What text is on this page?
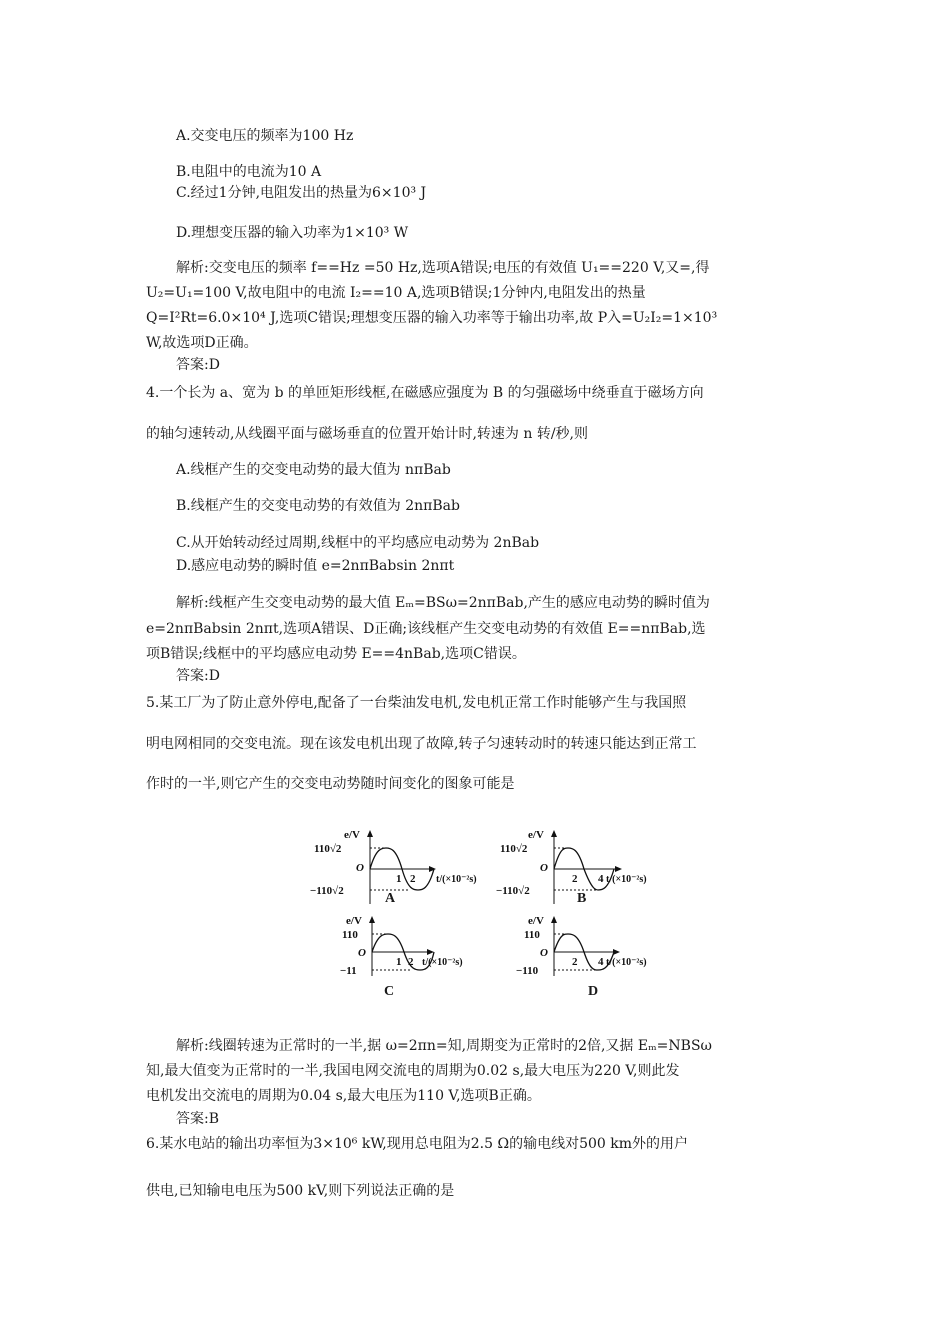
A.交变电压的频率为100 Hz
B.电阻中的电流为10 A
C.经过1分钟,电阻发出的热量为6×10³ J
D.理想变压器的输入功率为1×10³ W
解析:交变电压的频率 f==Hz =50 Hz,选项A错误;电压的有效值 U₁==220 V,又=,得
U₂=U₁=100 V,故电阻中的电流 I₂==10 A,选项B错误;1分钟内,电阻发出的热量
Q=I²Rt=6.0×10⁴ J,选项C错误;理想变压器的输入功率等于输出功率,故 P入=U₂I₂=1×10³
W,故选项D正确。
答案:D
4.一个长为 a、宽为 b 的单匝矩形线框,在磁感应强度为 B 的匀强磁场中绕垂直于磁场方向
的轴匀速转动,从线圈平面与磁场垂直的位置开始计时,转速为 n 转/秒,则
A.线框产生的交变电动势的最大值为 nπBab
B.线框产生的交变电动势的有效值为 2nπBab
C.从开始转动经过周期,线框中的平均感应电动势为 2nBab
D.感应电动势的瞬时值 e=2nπBabsin 2nπt
解析:线框产生交变电动势的最大值 Eₘ=BSω=2nπBab,产生的感应电动势的瞬时值为
e=2nπBabsin 2nπt,选项A错误、D正确;该线框产生交变电动势的有效值 E==nπBab,选
项B错误;线框中的平均感应电动势 E==4nBab,选项C错误。
答案:D
5.某工厂为了防止意外停电,配备了一台柴油发电机,发电机正常工作时能够产生与我国照
明电网相同的交变电流。现在该发电机出现了故障,转子匀速转动时的转速只能达到正常工
作时的一半,则它产生的交变电动势随时间变化的图象可能是
e/V
110√2
O
−110√2
1 2 t/(×10⁻²s)
A
e/V
110√2
O
−110√2
2 4 t/(×10⁻²s)
B
e/V
110
O
−11
1 2 t/(×10⁻²s)
C
e/V
110
O
−110
2 4 t/(×10⁻²s)
D
解析:线圈转速为正常时的一半,据 ω=2πn=知,周期变为正常时的2倍,又据 Eₘ=NBSω
知,最大值变为正常时的一半,我国电网交流电的周期为0.02 s,最大电压为220 V,则此发
电机发出交流电的周期为0.04 s,最大电压为110 V,选项B正确。
答案:B
6.某水电站的输出功率恒为3×10⁶ kW,现用总电阻为2.5 Ω的输电线对500 km外的用户
供电,已知输电电压为500 kV,则下列说法正确的是
